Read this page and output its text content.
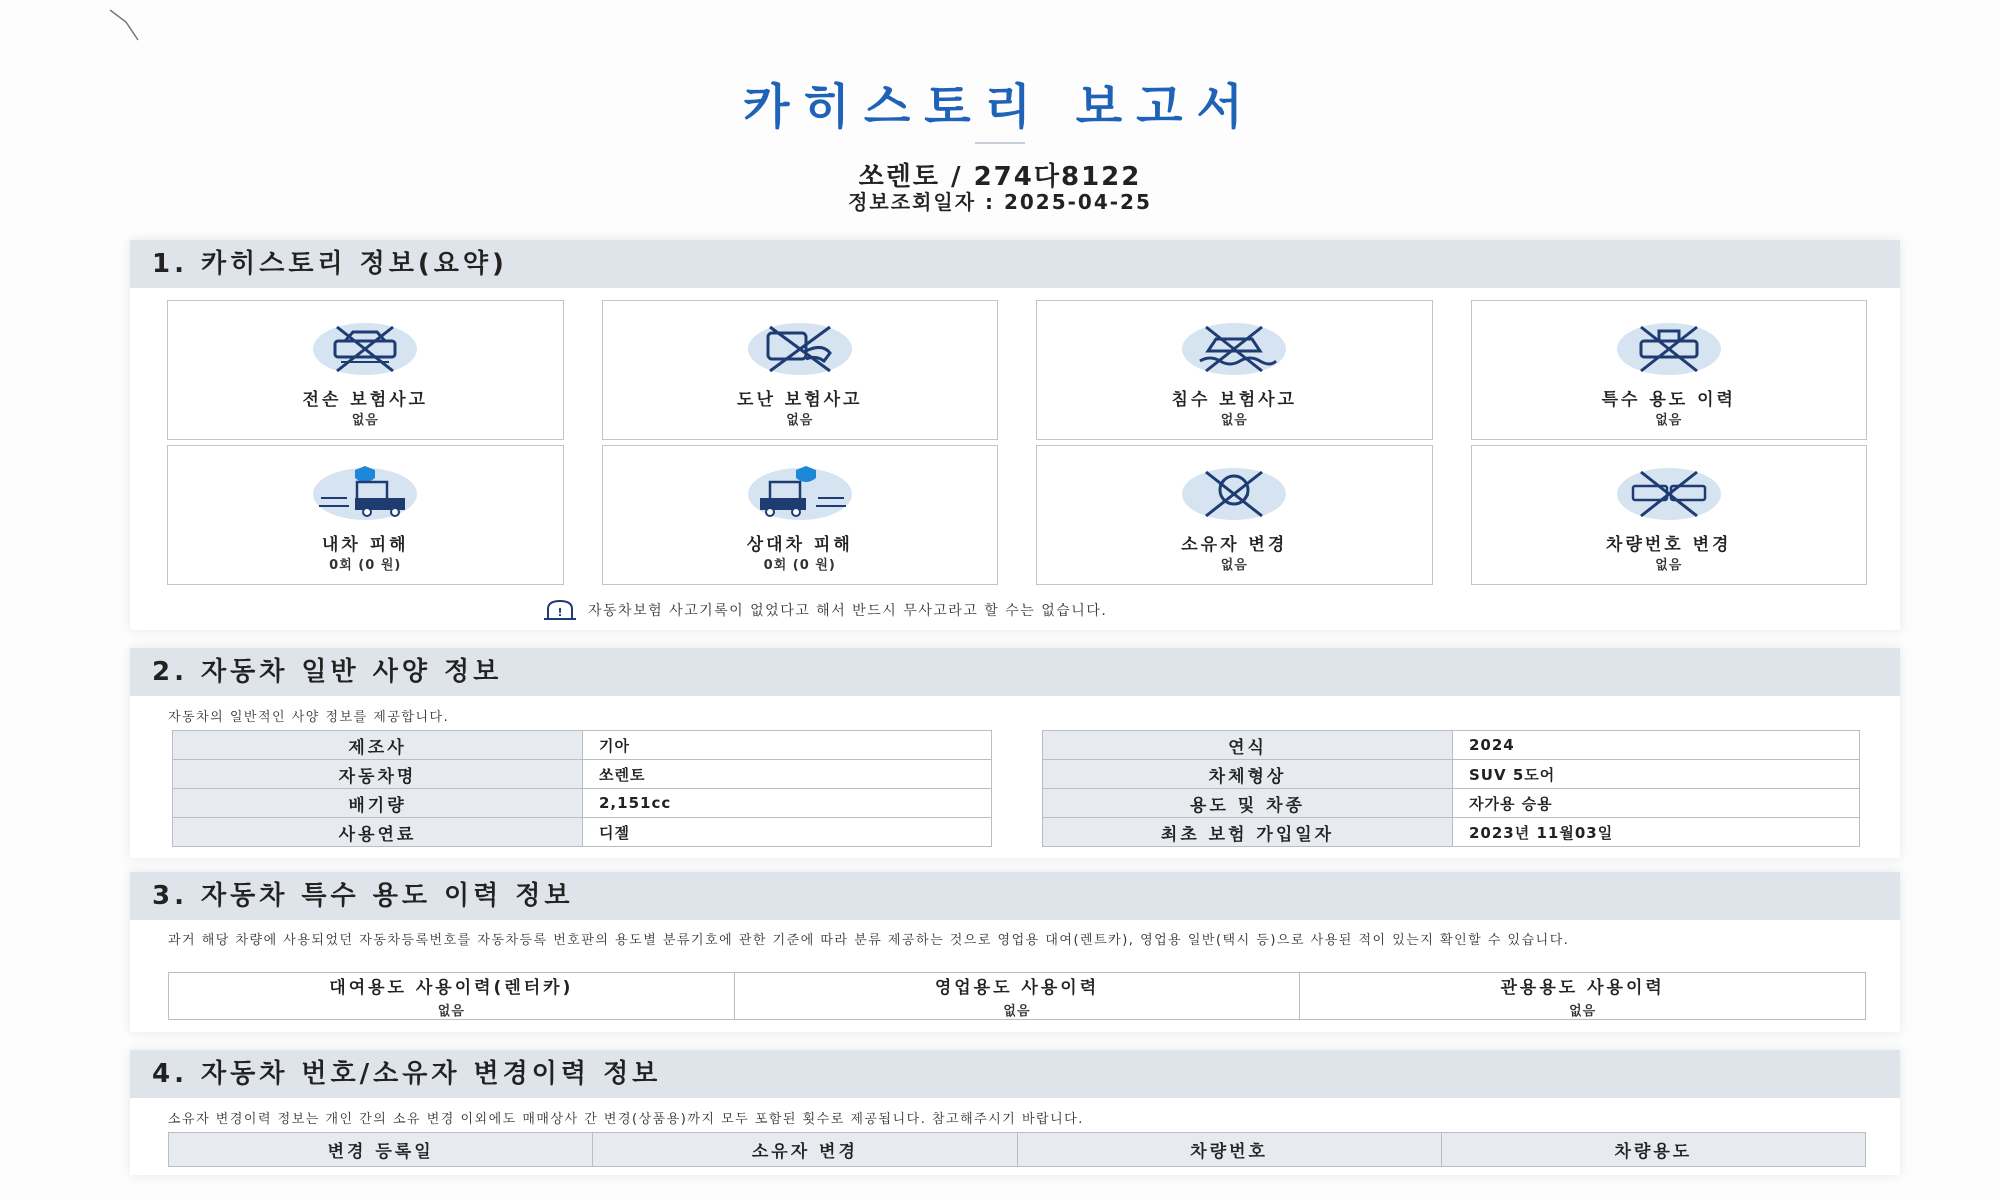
카히스토리 보고서
쏘렌토 / 274다8122
정보조회일자 : 2025-04-25
1. 카히스토리 정보(요약)
전손 보험사고
없음
도난 보험사고
없음
침수 보험사고
없음
특수 용도 이력
없음
내차 피해
0회 (0 원)
상대차 피해
0회 (0 원)
소유자 변경
없음
차량번호 변경
없음
! 자동차보험 사고기록이 없었다고 해서 반드시 무사고라고 할 수는 없습니다.
2. 자동차 일반 사양 정보
자동차의 일반적인 사양 정보를 제공합니다.
제조사	기아
자동차명	쏘렌토
배기량	2,151cc
사용연료	디젤
연식	2024
차체형상	SUV 5도어
용도 및 차종	자가용 승용
최초 보험 가입일자	2023년 11월03일
3. 자동차 특수 용도 이력 정보
과거 해당 차량에 사용되었던 자동차등록번호를 자동차등록 번호판의 용도별 분류기호에 관한 기준에 따라 분류 제공하는 것으로 영업용 대여(렌트카), 영업용 일반(택시 등)으로 사용된 적이 있는지 확인할 수 있습니다.
대여용도 사용이력(렌터카)
없음

영업용도 사용이력
없음

관용용도 사용이력
없음
4. 자동차 번호/소유자 변경이력 정보
소유자 변경이력 정보는 개인 간의 소유 변경 이외에도 매매상사 간 변경(상품용)까지 모두 포함된 횟수로 제공됩니다. 참고해주시기 바랍니다.
변경 등록일	소유자 변경	차량번호	차량용도
